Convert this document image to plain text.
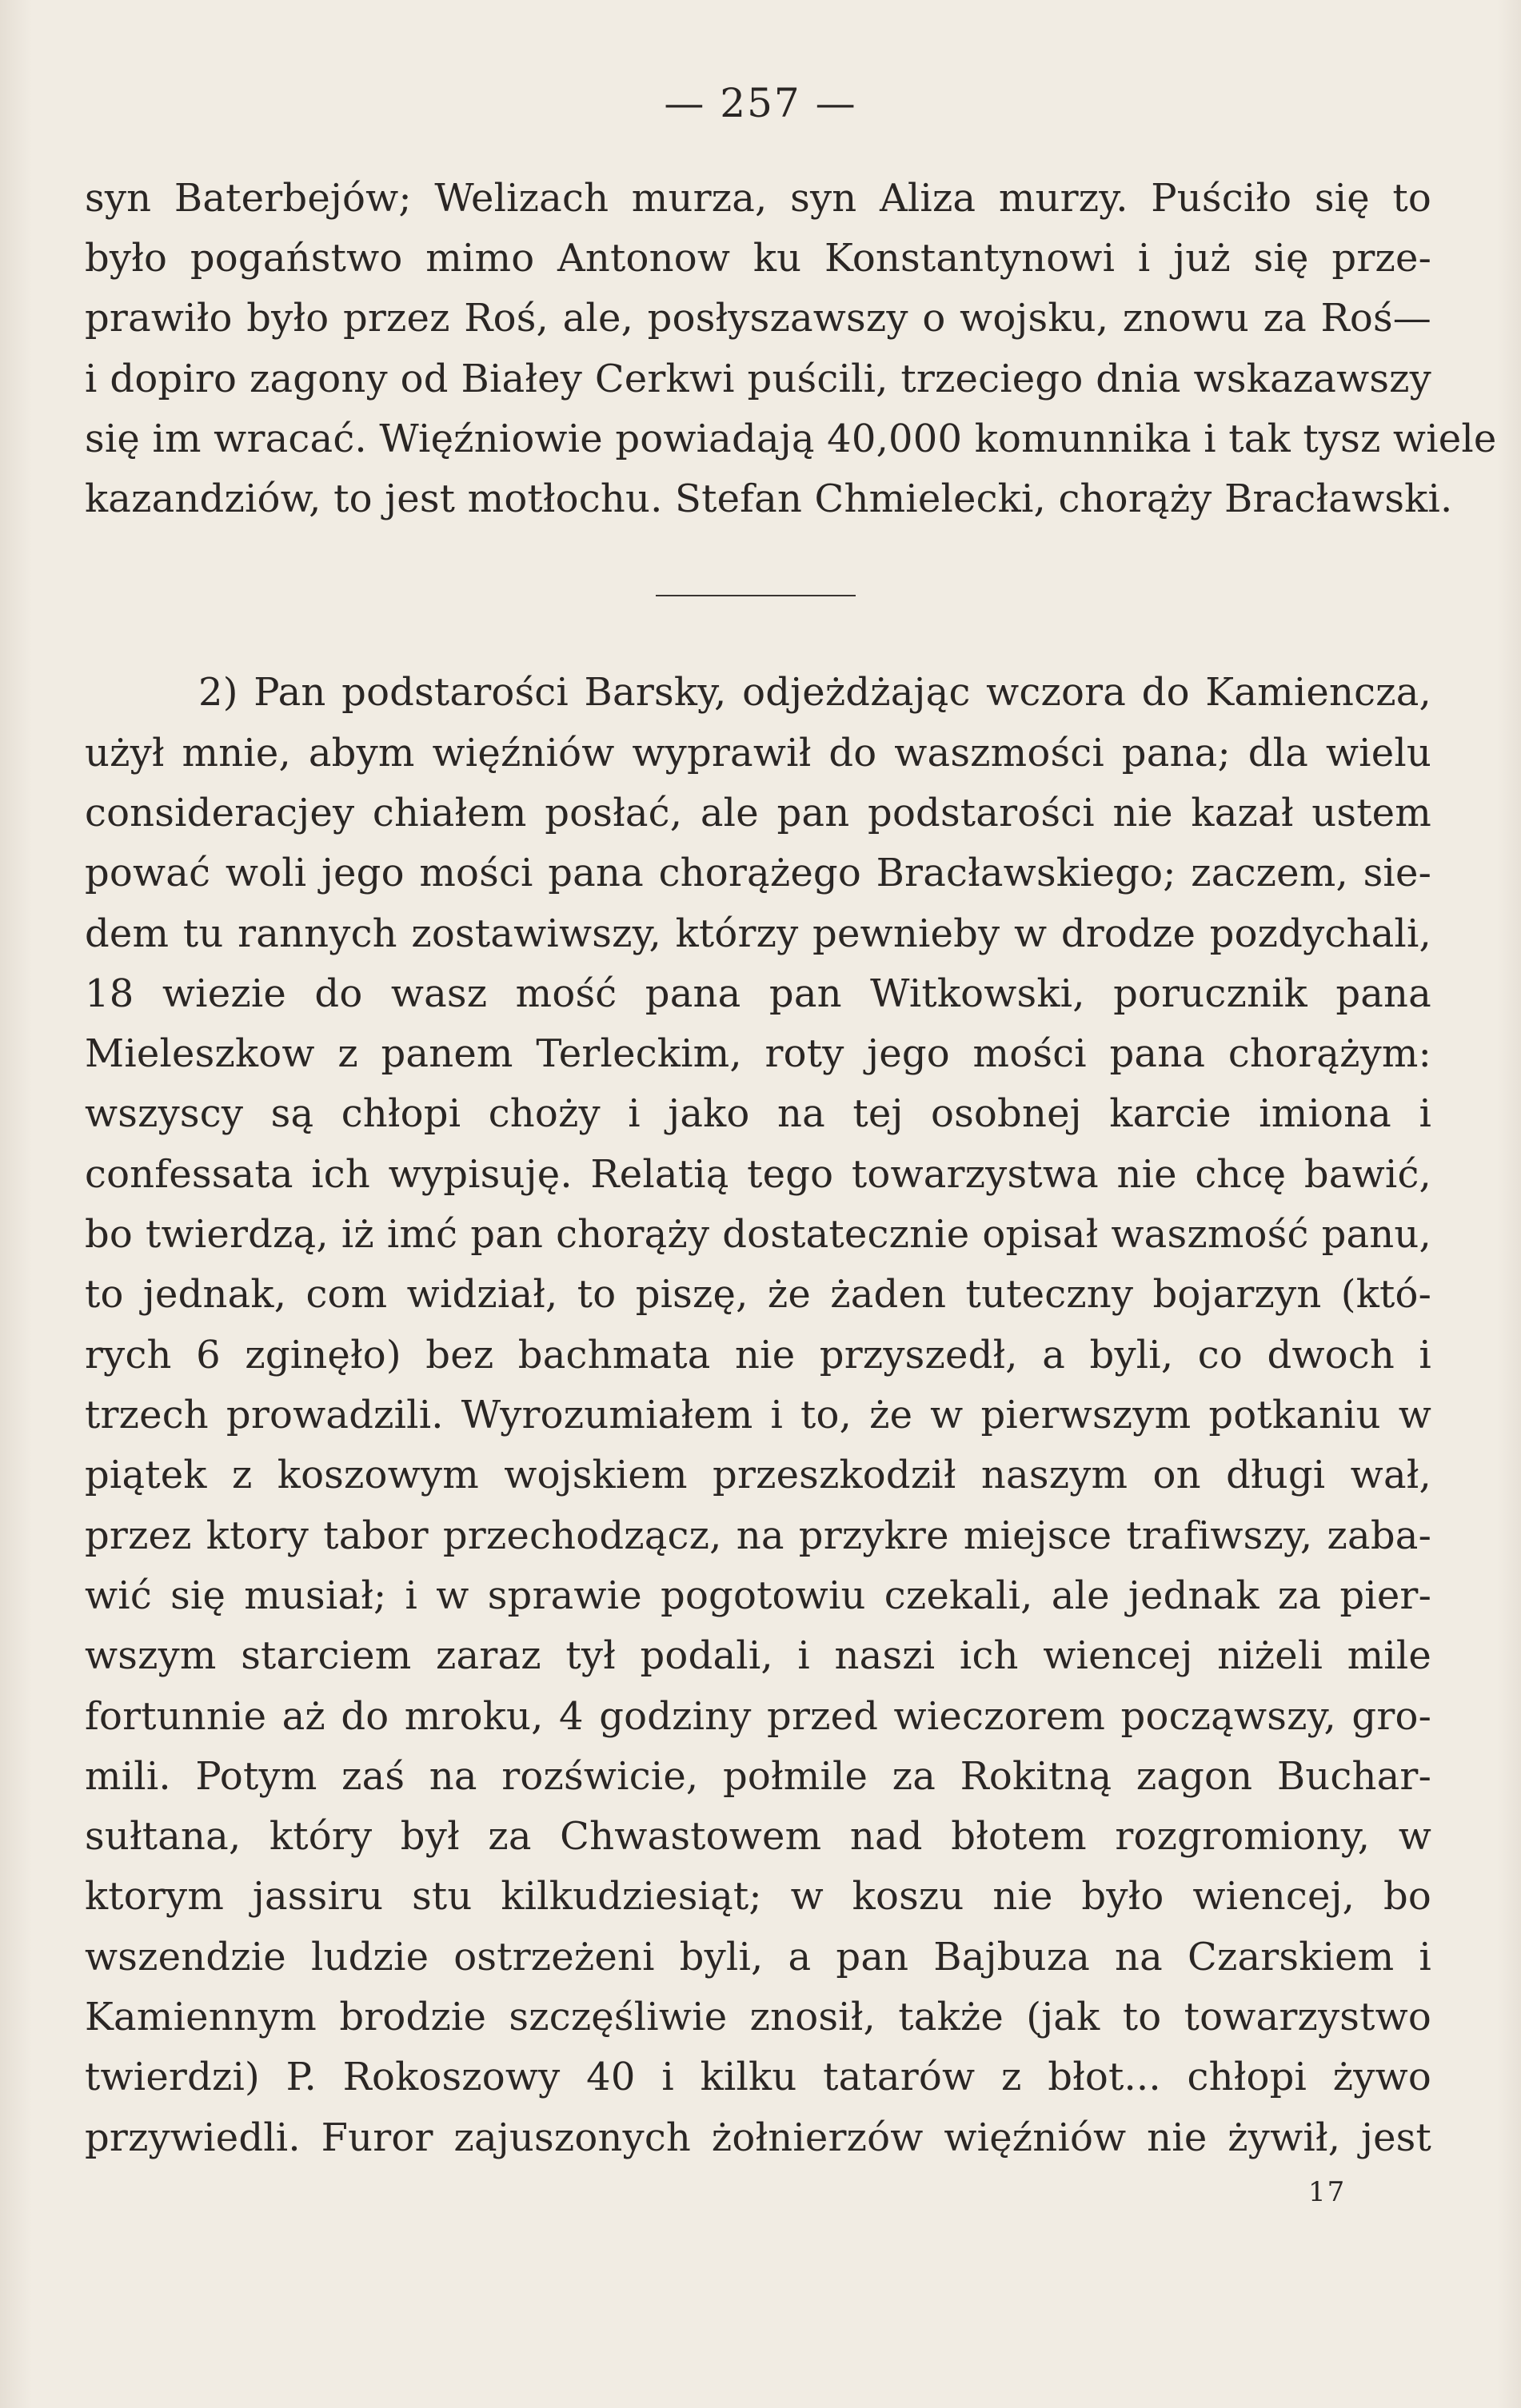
— 257 —
syn Baterbejów; Welizach murza, syn Aliza murzy. Puściło się to
było pogaństwo mimo Antonow ku Konstantynowi i już się prze-
prawiło było przez Roś, ale, posłyszawszy o wojsku, znowu za Roś—
i dopiro zagony od Białey Cerkwi puścili, trzeciego dnia wskazawszy
się im wracać. Więźniowie powiadają 40,000 komunnika i tak tysz wiele
kazandziów, to jest motłochu. Stefan Chmielecki, chorąży Bracławski.
2) Pan podstarości Barsky, odjeżdżając wczora do Kamiencza,
użył mnie, abym więźniów wyprawił do waszmości pana; dla wielu
consideracjey chiałem posłać, ale pan podstarości nie kazał ustem
pować woli jego mości pana chorążego Bracławskiego; zaczem, sie-
dem tu rannych zostawiwszy, którzy pewnieby w drodze pozdychali,
18 wiezie do wasz mość pana pan Witkowski, porucznik pana
Mieleszkow z panem Terleckim, roty jego mości pana chorążym:
wszyscy są chłopi choży i jako na tej osobnej karcie imiona i
confessata ich wypisuję. Relatią tego towarzystwa nie chcę bawić,
bo twierdzą, iż imć pan chorąży dostatecznie opisał waszmość panu,
to jednak, com widział, to piszę, że żaden tuteczny bojarzyn (któ-
rych 6 zginęło) bez bachmata nie przyszedł, a byli, co dwoch i
trzech prowadzili. Wyrozumiałem i to, że w pierwszym potkaniu w
piątek z koszowym wojskiem przeszkodził naszym on długi wał,
przez ktory tabor przechodzącz, na przykre miejsce trafiwszy, zaba-
wić się musiał; i w sprawie pogotowiu czekali, ale jednak za pier-
wszym starciem zaraz tył podali, i naszi ich wiencej niżeli mile
fortunnie aż do mroku, 4 godziny przed wieczorem począwszy, gro-
mili. Potym zaś na rozświcie, połmile za Rokitną zagon Buchar-
sułtana, który był za Chwastowem nad błotem rozgromiony, w
ktorym jassiru stu kilkudziesiąt; w koszu nie było wiencej, bo
wszendzie ludzie ostrzeżeni byli, a pan Bajbuza na Czarskiem i
Kamiennym brodzie szczęśliwie znosił, także (jak to towarzystwo
twierdzi) P. Rokoszowy 40 i kilku tatarów z błot... chłopi żywo
przywiedli. Furor zajuszonych żołnierzów więźniów nie żywił, jest
17
